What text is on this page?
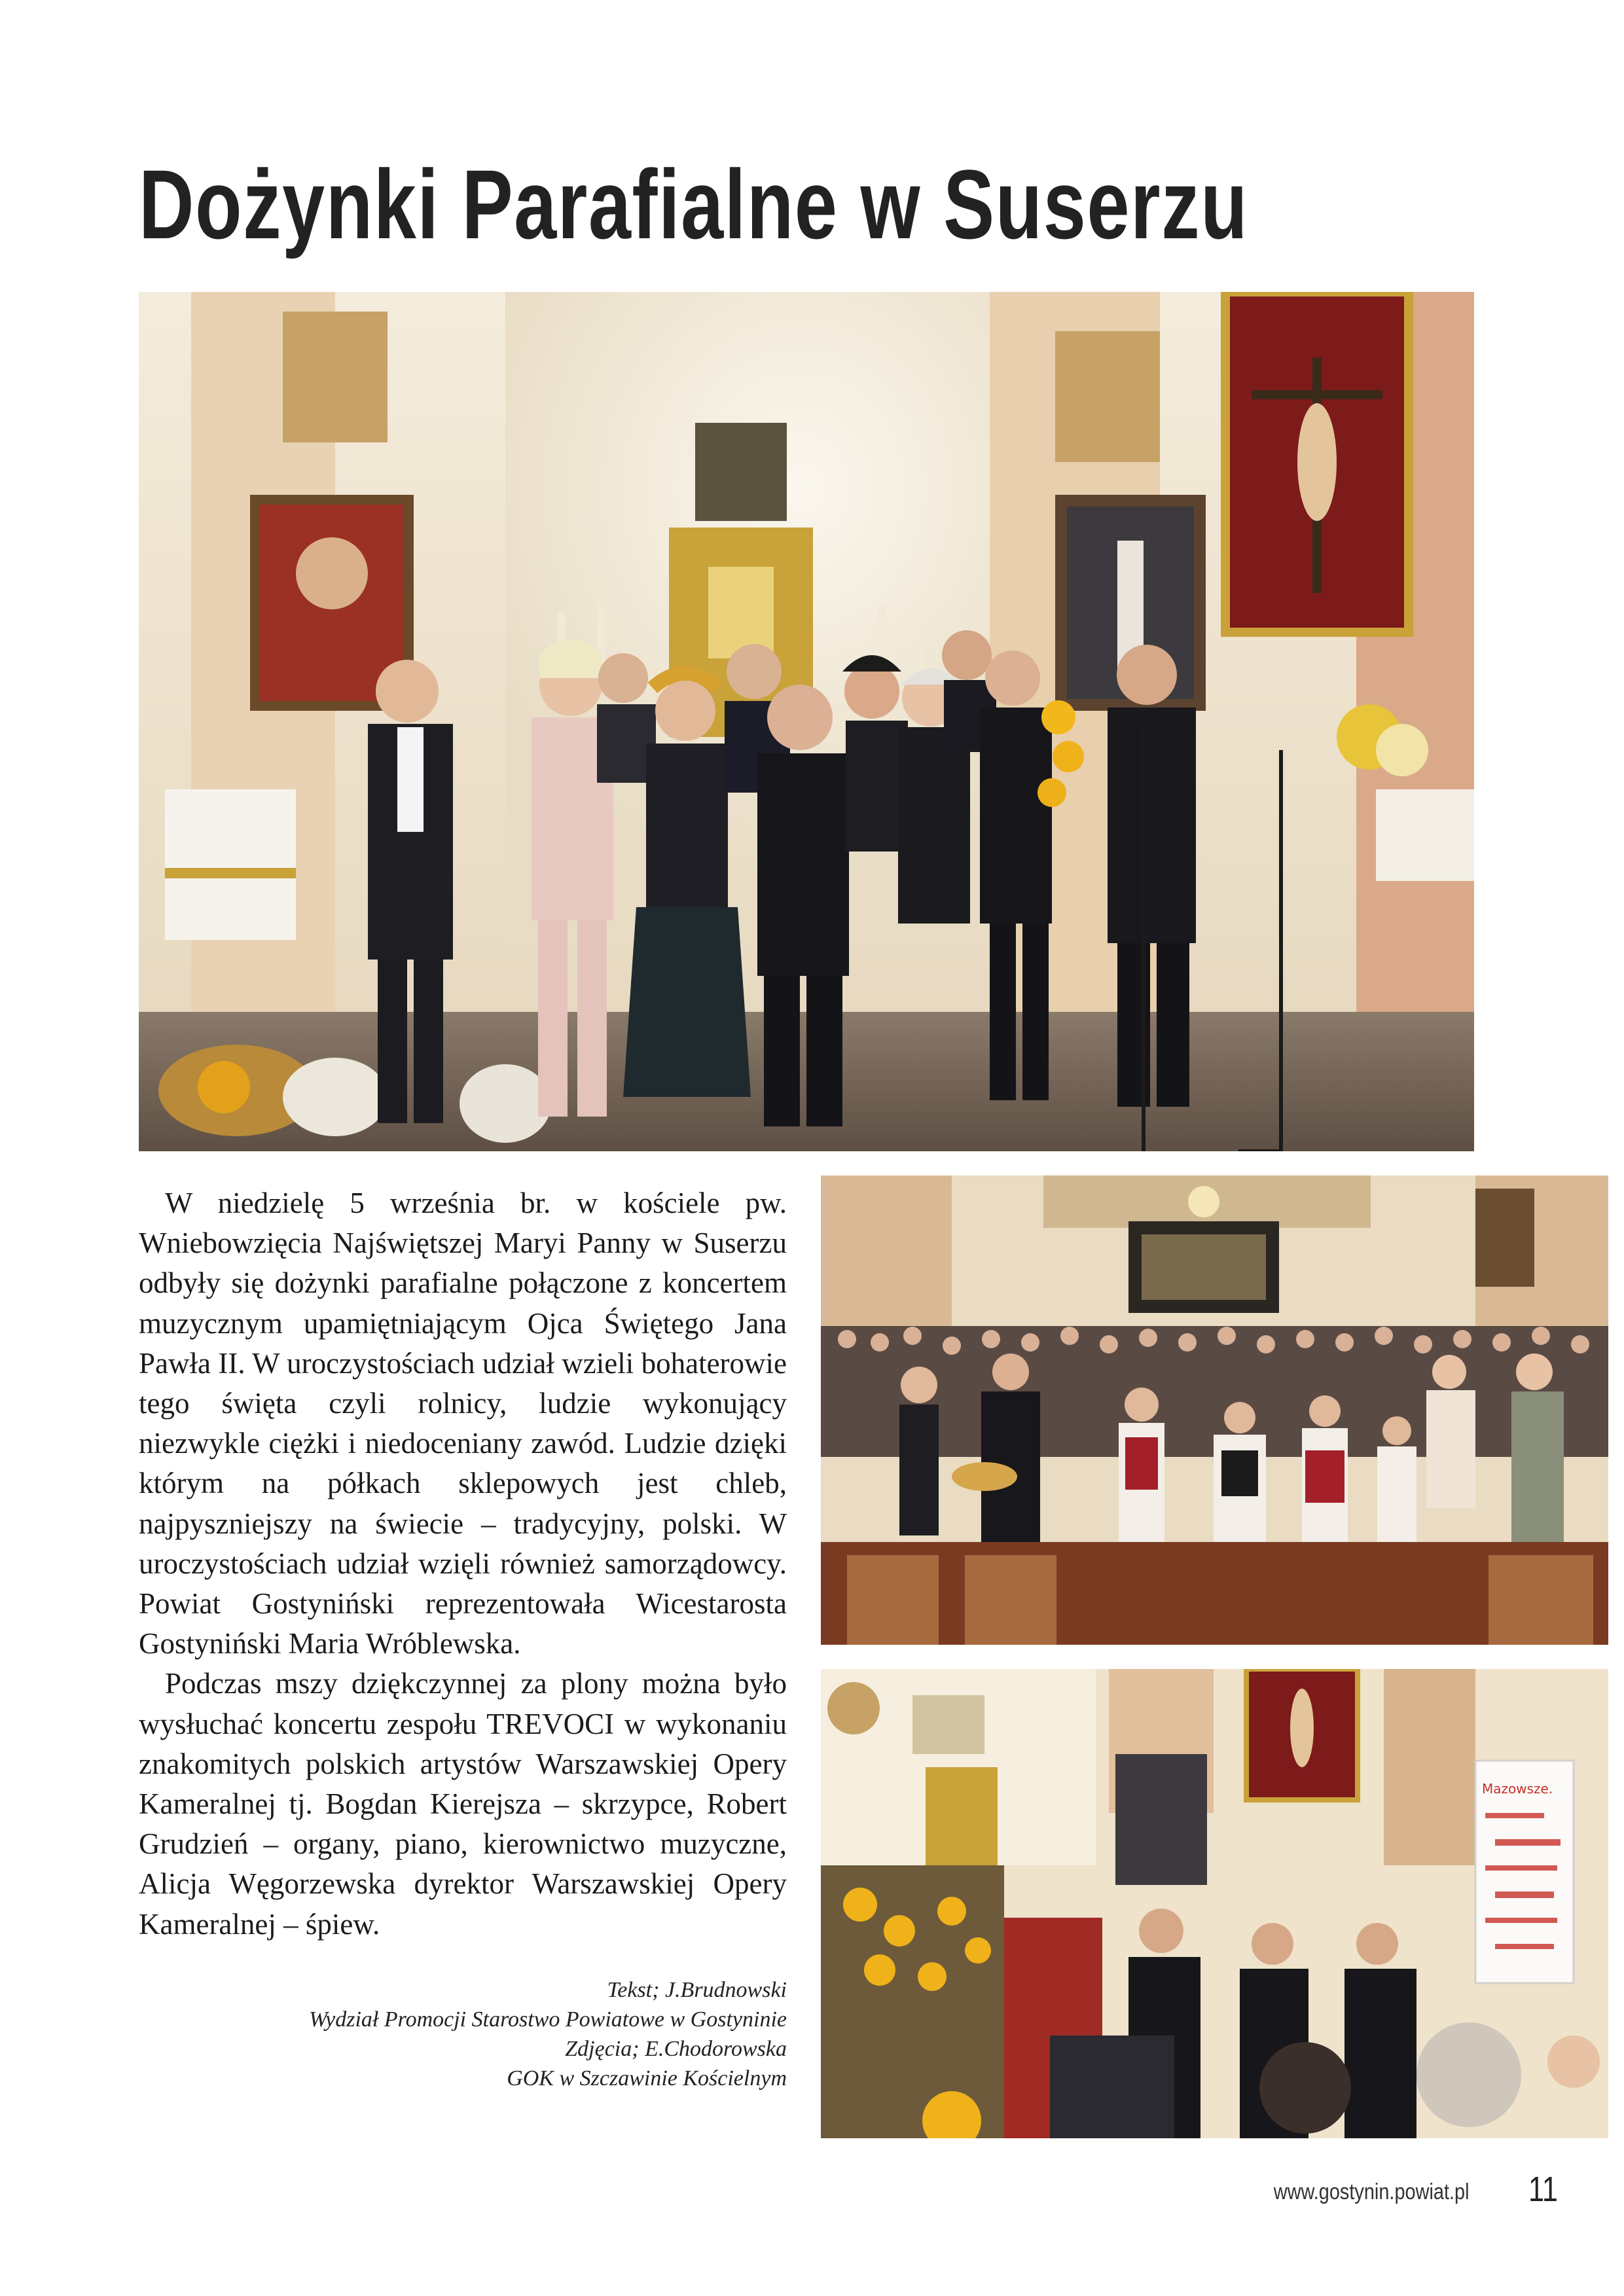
Dożynki Parafialne w Suserzu
Mazowsze.

W niedzielę 5 września br. w kościele pw. Wniebowzięcia Najświętszej Maryi Panny w Suserzu odbyły się dożynki parafialne połączone z koncertem muzycznym upamiętniającym Ojca Świętego Jana Pawła II. W uroczystościach udział wzieli bohaterowie tego święta czyli rolnicy, ludzie wykonujący niezwykle ciężki i niedoceniany zawód. Ludzie dzięki którym na półkach sklepowych jest chleb, najpyszniejszy na świecie – tradycyjny, polski. W uroczystościach udział wzięli również samorządowcy. Powiat Gostyniński reprezentowała Wicestarosta Gostyniński Maria Wróblewska.

Podczas mszy dziękczynnej za plony można było wysłuchać koncertu zespołu TREVOCI w wykonaniu znakomitych polskich artystów Warszawskiej Opery Kameralnej tj. Bogdan Kierejsza – skrzypce, Robert Grudzień – organy, piano, kierownictwo muzyczne, Alicja Węgorzewska dyrektor Warszawskiej Opery Kameralnej – śpiew.

Tekst; J.Brudnowski
Wydział Promocji Starostwo Powiatowe w Gostyninie
Zdjęcia; E.Chodorowska
GOK w Szczawinie Kościelnym
www.gostynin.powiat.pl 11
